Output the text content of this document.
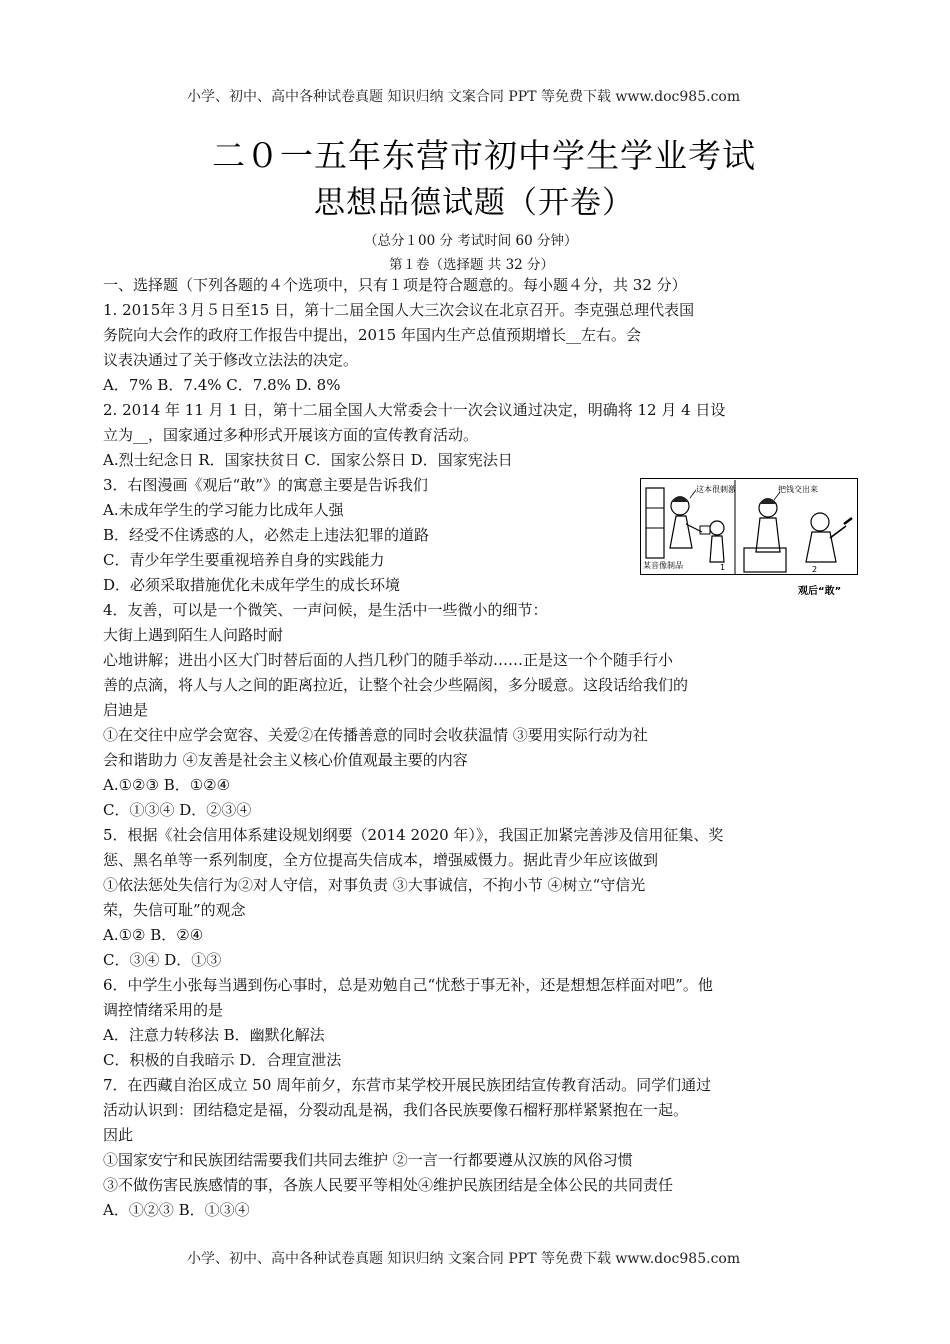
小学、初中、高中各种试卷真题 知识归纳 文案合同 PPT 等免费下载 www.doc985.com
二０一五年东营市初中学生学业考试
思想品德试题（开卷）
（总分１00 分 考试时间 60 分钟）
第１卷（选择题 共 32 分）
一、选择题（下列各题的４个选项中，只有１项是符合题意的。每小题４分，共 32 分）
1. 2015年３月５日至15 日，第十二届全国人大三次会议在北京召开。李克强总理代表国
务院向大会作的政府工作报告中提出，2015 年国内生产总值预期增长__左右。会
议表决通过了关于修改立法法的决定。
A．7% B．7.4% C．7.8% D. 8%
2. 2014 年 11 月 1 日，第十二届全国人大常委会十一次会议通过决定，明确将 12 月 4 日设
立为__，国家通过多种形式开展该方面的宣传教育活动。
A.烈士纪念日 R．国家扶贫日 C．国家公祭日 D．国家宪法日
3．右图漫画《观后“敢”》的寓意主要是告诉我们
A.未成年学生的学习能力比成年人强
B．经受不住诱惑的人，必然走上违法犯罪的道路
C．青少年学生要重视培养自身的实践能力
D．必须采取措施优化未成年学生的成长环境
4．友善，可以是一个微笑、一声问候，是生活中一些微小的细节：
大街上遇到陌生人问路时耐
心地讲解；进出小区大门时替后面的人挡几秒门的随手举动……正是这一个个随手行小
善的点滴，将人与人之间的距离拉近，让整个社会少些隔阂，多分暖意。这段话给我们的
启迪是
①在交往中应学会宽容、关爱②在传播善意的同时会收获温情 ③要用实际行动为社
会和谐助力 ④友善是社会主义核心价值观最主要的内容
A.①②③ B．①②④
C．①③④ D．②③④
5．根据《社会信用体系建设规划纲要（2014 2020 年）》，我国正加紧完善涉及信用征集、奖
惩、黑名单等一系列制度，全方位提高失信成本，增强威慑力。据此青少年应该做到
①依法惩处失信行为②对人守信，对事负责 ③大事诚信，不拘小节 ④树立“守信光
荣，失信可耻”的观念
A.①② B．②④
C．③④ D．①③
6．中学生小张每当遇到伤心事时，总是劝勉自己“忧愁于事无补，还是想想怎样面对吧”。他
调控情绪采用的是
A．注意力转移法 B．幽默化解法
C．积极的自我暗示 D．合理宣泄法
7．在西藏自治区成立 50 周年前夕，东营市某学校开展民族团结宣传教育活动。同学们通过
活动认识到：团结稳定是福，分裂动乱是祸，我们各民族要像石榴籽那样紧紧抱在一起。
因此
①国家安宁和民族团结需要我们共同去维护 ②一言一行都要遵从汉族的风俗习惯
③不做伤害民族感情的事，各族人民要平等相处④维护民族团结是全体公民的共同责任
A．①②③ B．①③④
这本很刺激	把钱交出来
某音像制品	1	2
观后“敢”
小学、初中、高中各种试卷真题 知识归纳 文案合同 PPT 等免费下载 www.doc985.com
